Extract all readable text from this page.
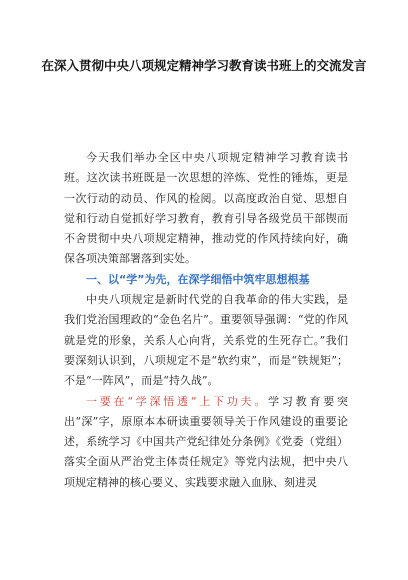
在深入贯彻中央八项规定精神学习教育读书班上的交流发言

今天我们举办全区中央八项规定精神学习教育读书班。这次读书班既是一次思想的淬炼、党性的锤炼，更是一次行动的动员、作风的检阅。以高度政治自觉、思想自觉和行动自觉抓好学习教育，教育引导各级党员干部锲而不舍贯彻中央八项规定精神，推动党的作风持续向好，确保各项决策部署落到实处。

一、以“学”为先，在深学细悟中筑牢思想根基

中央八项规定是新时代党的自我革命的伟大实践，是我们党治国理政的“金色名片”。重要领导强调：“党的作风就是党的形象，关系人心向背，关系党的生死存亡。”我们要深刻认识到，八项规定不是“软约束”，而是“铁规矩”；不是“一阵风”，而是“持久战”。

一要在“学深悟透”上下功夫。学习教育要突出“深”字，原原本本研读重要领导关于作风建设的重要论述，系统学习《中国共产党纪律处分条例》《党委（党组）落实全面从严治党主体责任规定》等党内法规，把中央八项规定精神的核心要义、实践要求融入血脉、刻进灵
